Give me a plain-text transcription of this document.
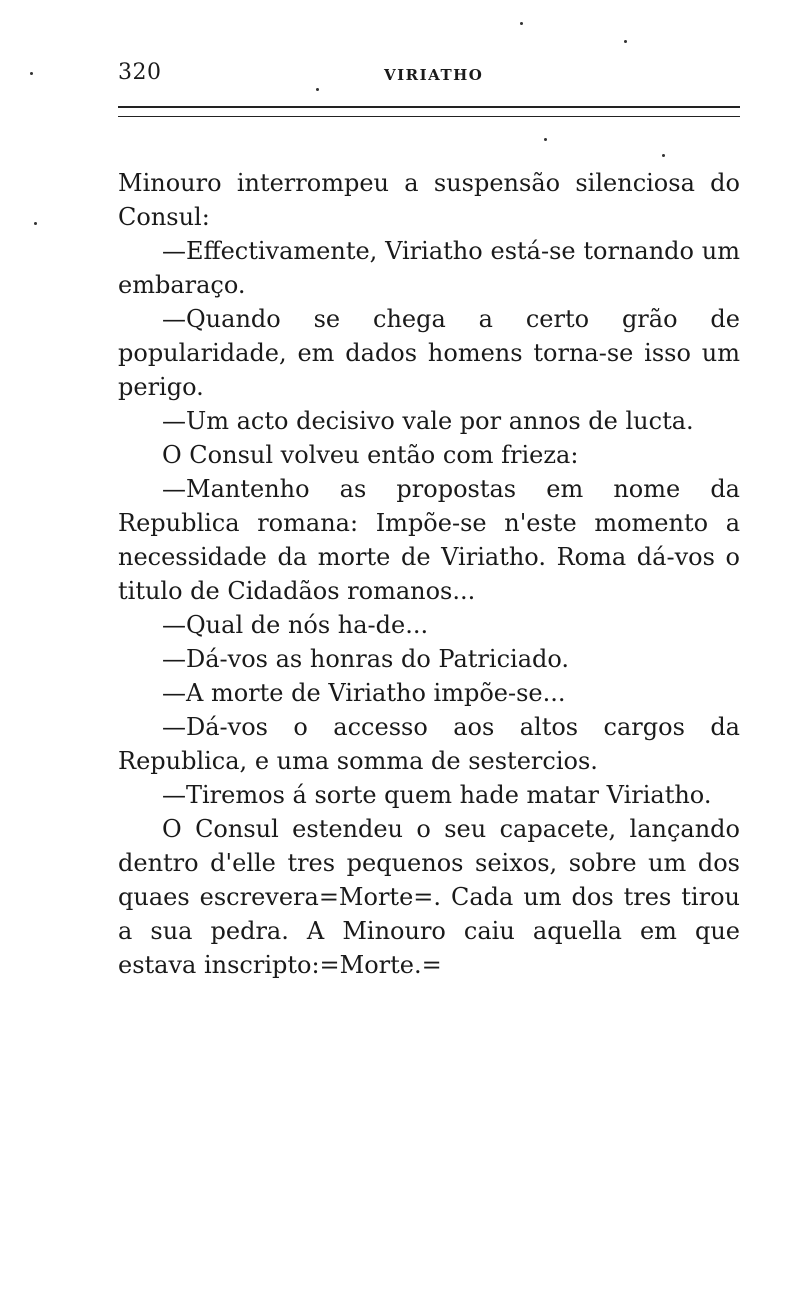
320	VIRIATHO

Minouro interrompeu a suspensão silenciosa do Consul:

—Effectivamente, Viriatho está-se tornando um embaraço.

—Quando se chega a certo grão de popularidade, em dados homens torna-se isso um perigo.

—Um acto decisivo vale por annos de lucta.

O Consul volveu então com frieza:

—Mantenho as propostas em nome da Republica romana: Impõe-se n'este momento a necessidade da morte de Viriatho. Roma dá-vos o titulo de Cidadãos romanos...

—Qual de nós ha-de...

—Dá-vos as honras do Patriciado.

—A morte de Viriatho impõe-se...

—Dá-vos o accesso aos altos cargos da Republica, e uma somma de sestercios.

—Tiremos á sorte quem hade matar Viriatho.

O Consul estendeu o seu capacete, lançando dentro d'elle tres pequenos seixos, sobre um dos quaes escrevera=Morte=. Cada um dos tres tirou a sua pedra. A Minouro caiu aquella em que estava inscripto:=Morte.=
